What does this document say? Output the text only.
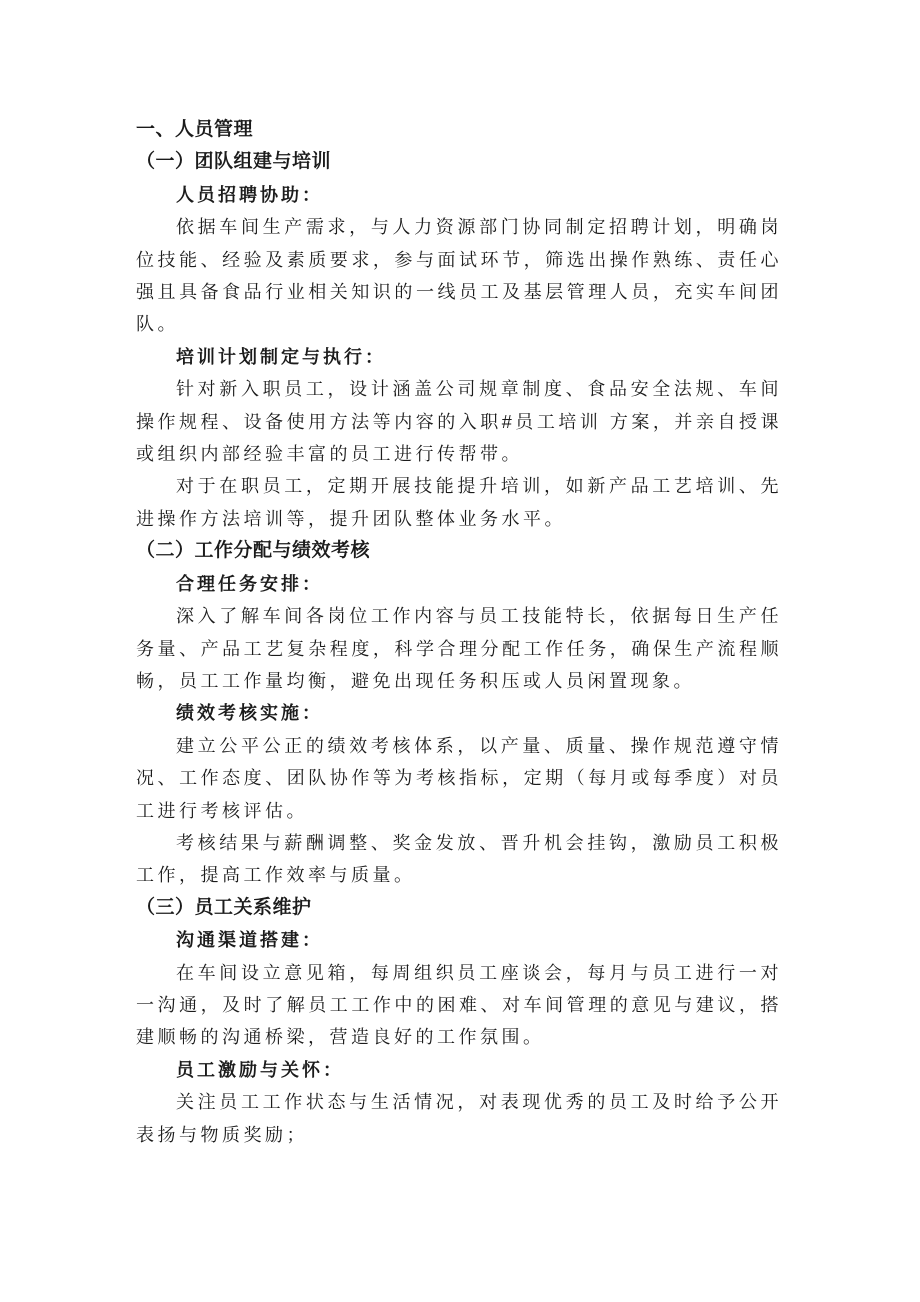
一、人员管理
（一）团队组建与培训
人员招聘协助：
依据车间生产需求，与人力资源部门协同制定招聘计划，明确岗位技能、经验及素质要求，参与面试环节，筛选出操作熟练、责任心强且具备食品行业相关知识的一线员工及基层管理人员，充实车间团队。
培训计划制定与执行：
针对新入职员工，设计涵盖公司规章制度、食品安全法规、车间操作规程、设备使用方法等内容的入职#员工培训 方案，并亲自授课或组织内部经验丰富的员工进行传帮带。
对于在职员工，定期开展技能提升培训，如新产品工艺培训、先进操作方法培训等，提升团队整体业务水平。
（二）工作分配与绩效考核
合理任务安排：
深入了解车间各岗位工作内容与员工技能特长，依据每日生产任务量、产品工艺复杂程度，科学合理分配工作任务，确保生产流程顺畅，员工工作量均衡，避免出现任务积压或人员闲置现象。
绩效考核实施：
建立公平公正的绩效考核体系，以产量、质量、操作规范遵守情况、工作态度、团队协作等为考核指标，定期（每月或每季度）对员工进行考核评估。
考核结果与薪酬调整、奖金发放、晋升机会挂钩，激励员工积极工作，提高工作效率与质量。
（三）员工关系维护
沟通渠道搭建：
在车间设立意见箱，每周组织员工座谈会，每月与员工进行一对一沟通，及时了解员工工作中的困难、对车间管理的意见与建议，搭建顺畅的沟通桥梁，营造良好的工作氛围。
员工激励与关怀：
关注员工工作状态与生活情况，对表现优秀的员工及时给予公开表扬与物质奖励；
